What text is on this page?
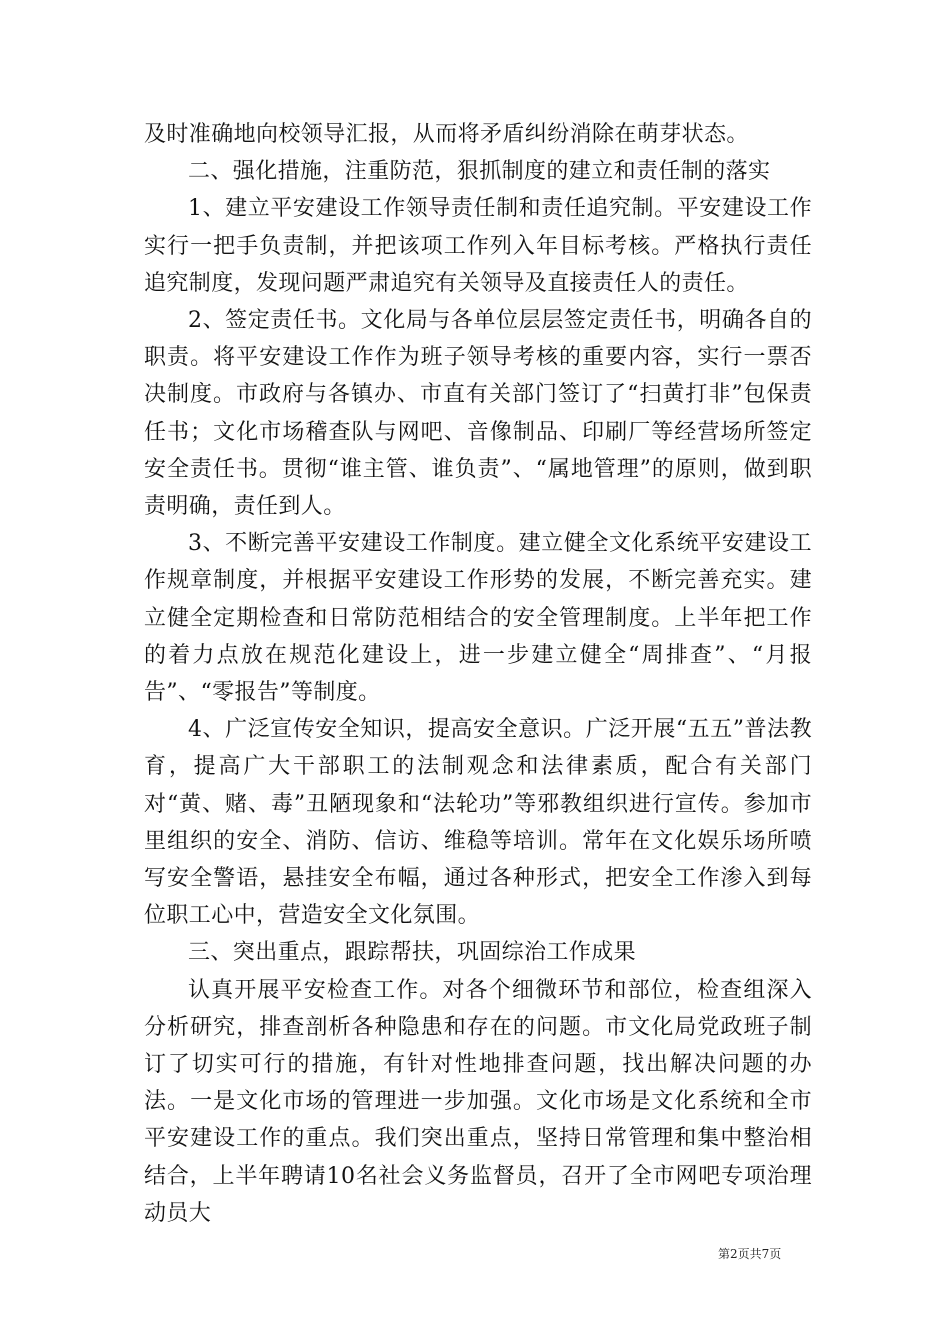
及时准确地向校领导汇报，从而将矛盾纠纷消除在萌芽状态。

二、强化措施，注重防范，狠抓制度的建立和责任制的落实

1、建立平安建设工作领导责任制和责任追究制。平安建设工作实行一把手负责制，并把该项工作列入年目标考核。严格执行责任追究制度，发现问题严肃追究有关领导及直接责任人的责任。

2、签定责任书。文化局与各单位层层签定责任书，明确各自的职责。将平安建设工作作为班子领导考核的重要内容，实行一票否决制度。市政府与各镇办、市直有关部门签订了“扫黄打非”包保责任书；文化市场稽查队与网吧、音像制品、印刷厂等经营场所签定安全责任书。贯彻“谁主管、谁负责”、“属地管理”的原则，做到职责明确，责任到人。

3、不断完善平安建设工作制度。建立健全文化系统平安建设工作规章制度，并根据平安建设工作形势的发展，不断完善充实。建立健全定期检查和日常防范相结合的安全管理制度。上半年把工作的着力点放在规范化建设上，进一步建立健全“周排查”、“月报告”、“零报告”等制度。

4、广泛宣传安全知识，提高安全意识。广泛开展“五五”普法教育，提高广大干部职工的法制观念和法律素质，配合有关部门对“黄、赌、毒”丑陋现象和“法轮功”等邪教组织进行宣传。参加市里组织的安全、消防、信访、维稳等培训。常年在文化娱乐场所喷写安全警语，悬挂安全布幅，通过各种形式，把安全工作渗入到每位职工心中，营造安全文化氛围。

三、突出重点，跟踪帮扶，巩固综治工作成果

认真开展平安检查工作。对各个细微环节和部位，检查组深入分析研究，排查剖析各种隐患和存在的问题。市文化局党政班子制订了切实可行的措施，有针对性地排查问题，找出解决问题的办法。一是文化市场的管理进一步加强。文化市场是文化系统和全市平安建设工作的重点。我们突出重点，坚持日常管理和集中整治相结合，上半年聘请10名社会义务监督员，召开了全市网吧专项治理动员大

第2页共7页
